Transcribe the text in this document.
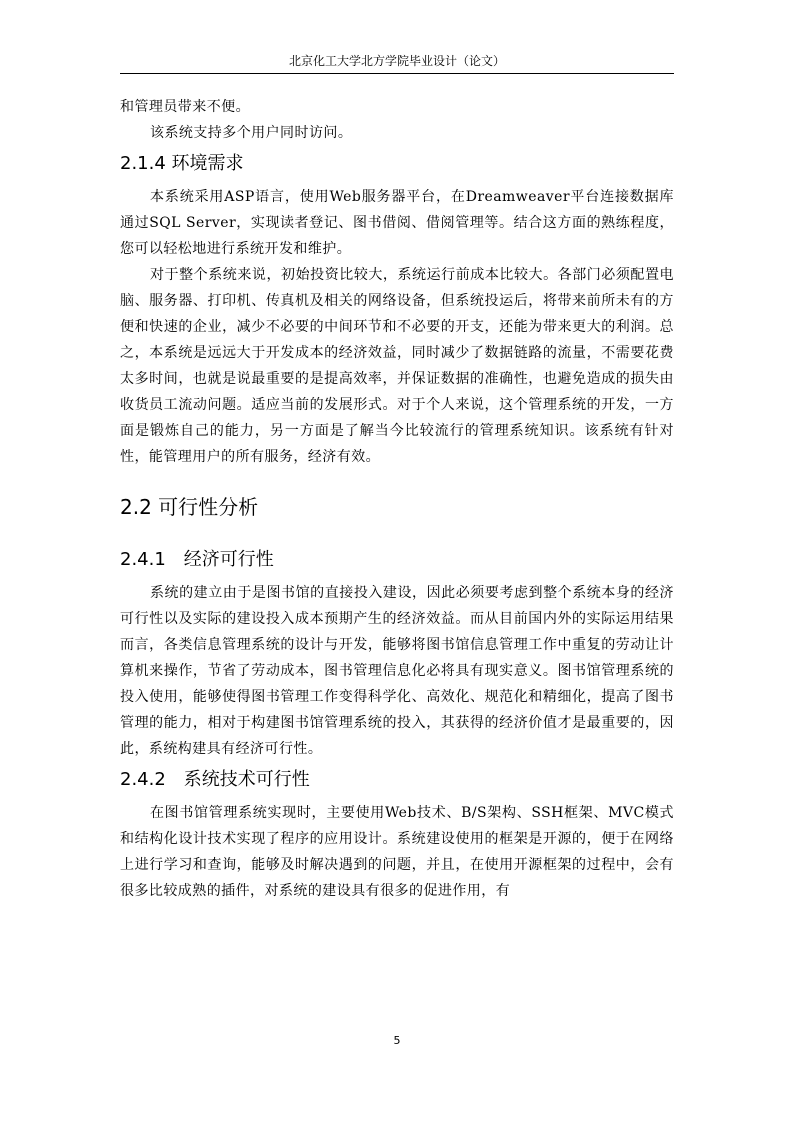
北京化工大学北方学院毕业设计（论文）

和管理员带来不便。

该系统支持多个用户同时访问。

2.1.4 环境需求

本系统采用ASP语言，使用Web服务器平台，在Dreamweaver平台连接数据库通过SQL Server，实现读者登记、图书借阅、借阅管理等。结合这方面的熟练程度，您可以轻松地进行系统开发和维护。

对于整个系统来说，初始投资比较大，系统运行前成本比较大。各部门必须配置电脑、服务器、打印机、传真机及相关的网络设备，但系统投运后，将带来前所未有的方便和快速的企业，减少不必要的中间环节和不必要的开支，还能为带来更大的利润。总之，本系统是远远大于开发成本的经济效益，同时减少了数据链路的流量，不需要花费太多时间，也就是说最重要的是提高效率，并保证数据的准确性，也避免造成的损失由收货员工流动问题。适应当前的发展形式。对于个人来说，这个管理系统的开发，一方面是锻炼自己的能力，另一方面是了解当今比较流行的管理系统知识。该系统有针对性，能管理用户的所有服务，经济有效。

2.2 可行性分析
2.4.1　经济可行性

系统的建立由于是图书馆的直接投入建设，因此必须要考虑到整个系统本身的经济可行性以及实际的建设投入成本预期产生的经济效益。而从目前国内外的实际运用结果而言，各类信息管理系统的设计与开发，能够将图书馆信息管理工作中重复的劳动让计算机来操作，节省了劳动成本，图书管理信息化必将具有现实意义。图书馆管理系统的投入使用，能够使得图书管理工作变得科学化、高效化、规范化和精细化，提高了图书管理的能力，相对于构建图书馆管理系统的投入，其获得的经济价值才是最重要的，因此，系统构建具有经济可行性。

2.4.2　系统技术可行性

在图书馆管理系统实现时，主要使用Web技术、B/S架构、SSH框架、MVC模式和结构化设计技术实现了程序的应用设计。系统建设使用的框架是开源的，便于在网络上进行学习和查询，能够及时解决遇到的问题，并且，在使用开源框架的过程中，会有很多比较成熟的插件，对系统的建设具有很多的促进作用，有

5
